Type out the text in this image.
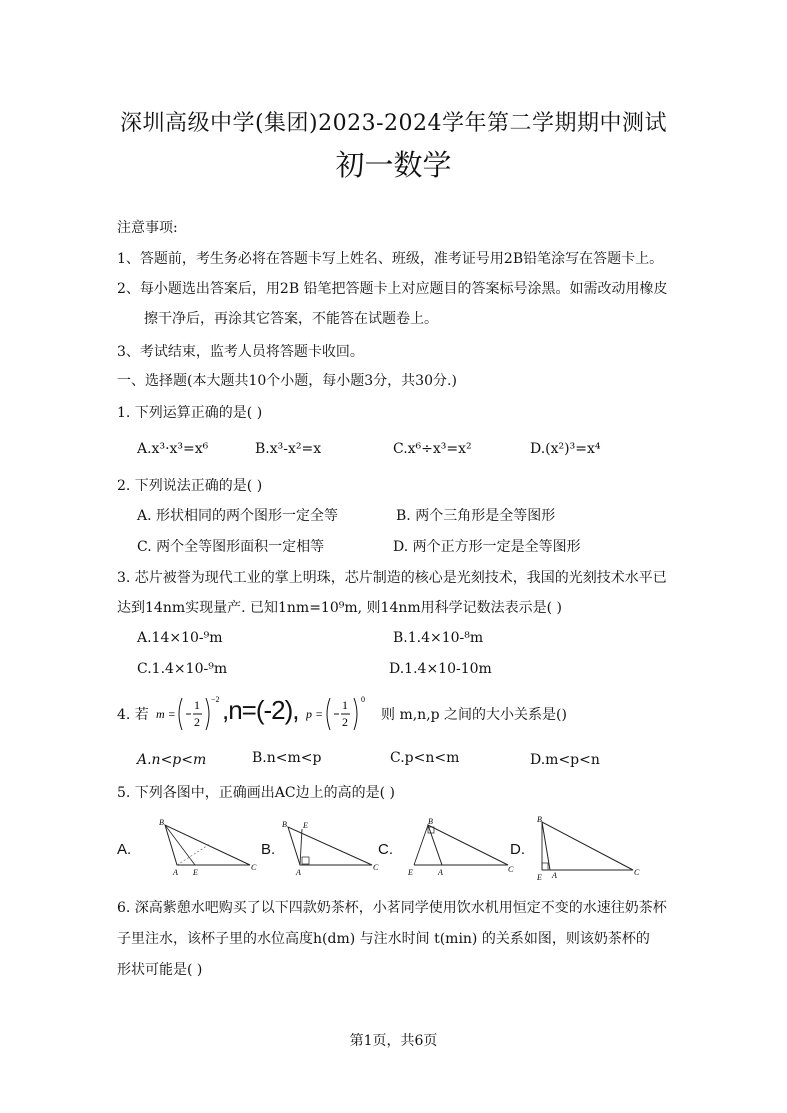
深圳高级中学(集团)2023-2024学年第二学期期中测试
初一数学
注意事项:
1、答题前，考生务必将在答题卡写上姓名、班级，准考证号用2B铅笔涂写在答题卡上。
2、每小题选出答案后，用2B 铅笔把答题卡上对应题目的答案标号涂黑。如需改动用橡皮
擦干净后，再涂其它答案，不能答在试题卷上。
3、考试结束，监考人员将答题卡收回。
一、选择题(本大题共10个小题，每小题3分，共30分.)
1. 下列运算正确的是( )
A.x³·x³=x⁶	B.x³-x²=x	C.x⁶÷x³=x²	D.(x²)³=x⁴
2. 下列说法正确的是( )
A. 形状相同的两个图形一定全等	B. 两个三角形是全等图形
C. 两个全等图形面积一定相等	D. 两个正方形一定是全等图形
3. 芯片被誉为现代工业的掌上明珠，芯片制造的核心是光刻技术，我国的光刻技术水平已
达到14nm实现量产. 已知1nm=10⁹m, 则14nm用科学记数法表示是( )
A.14×10-⁹m	B.1.4×10-⁸m
C.1.4×10-⁹m	D.1.4×10-10m
4. 若 m =
1
2
−2 ,n=(-2), p =
1
2
0
则 m,n,p 之间的大小关系是()
A.n<p<m	B.n<m<p	C.p<n<m	D.m<p<n
5. 下列各图中，正确画出AC边上的高的是( )
A.
B
A E
C
B.
B E
A
C
C.
B
E	A	C
D.
B
E A	C
6. 深高紫憩水吧购买了以下四款奶茶杯，小茗同学使用饮水机用恒定不变的水速往奶茶杯
子里注水，该杯子里的水位高度h(dm) 与注水时间 t(min) 的关系如图，则该奶茶杯的
形状可能是( )
第1页，共6页
